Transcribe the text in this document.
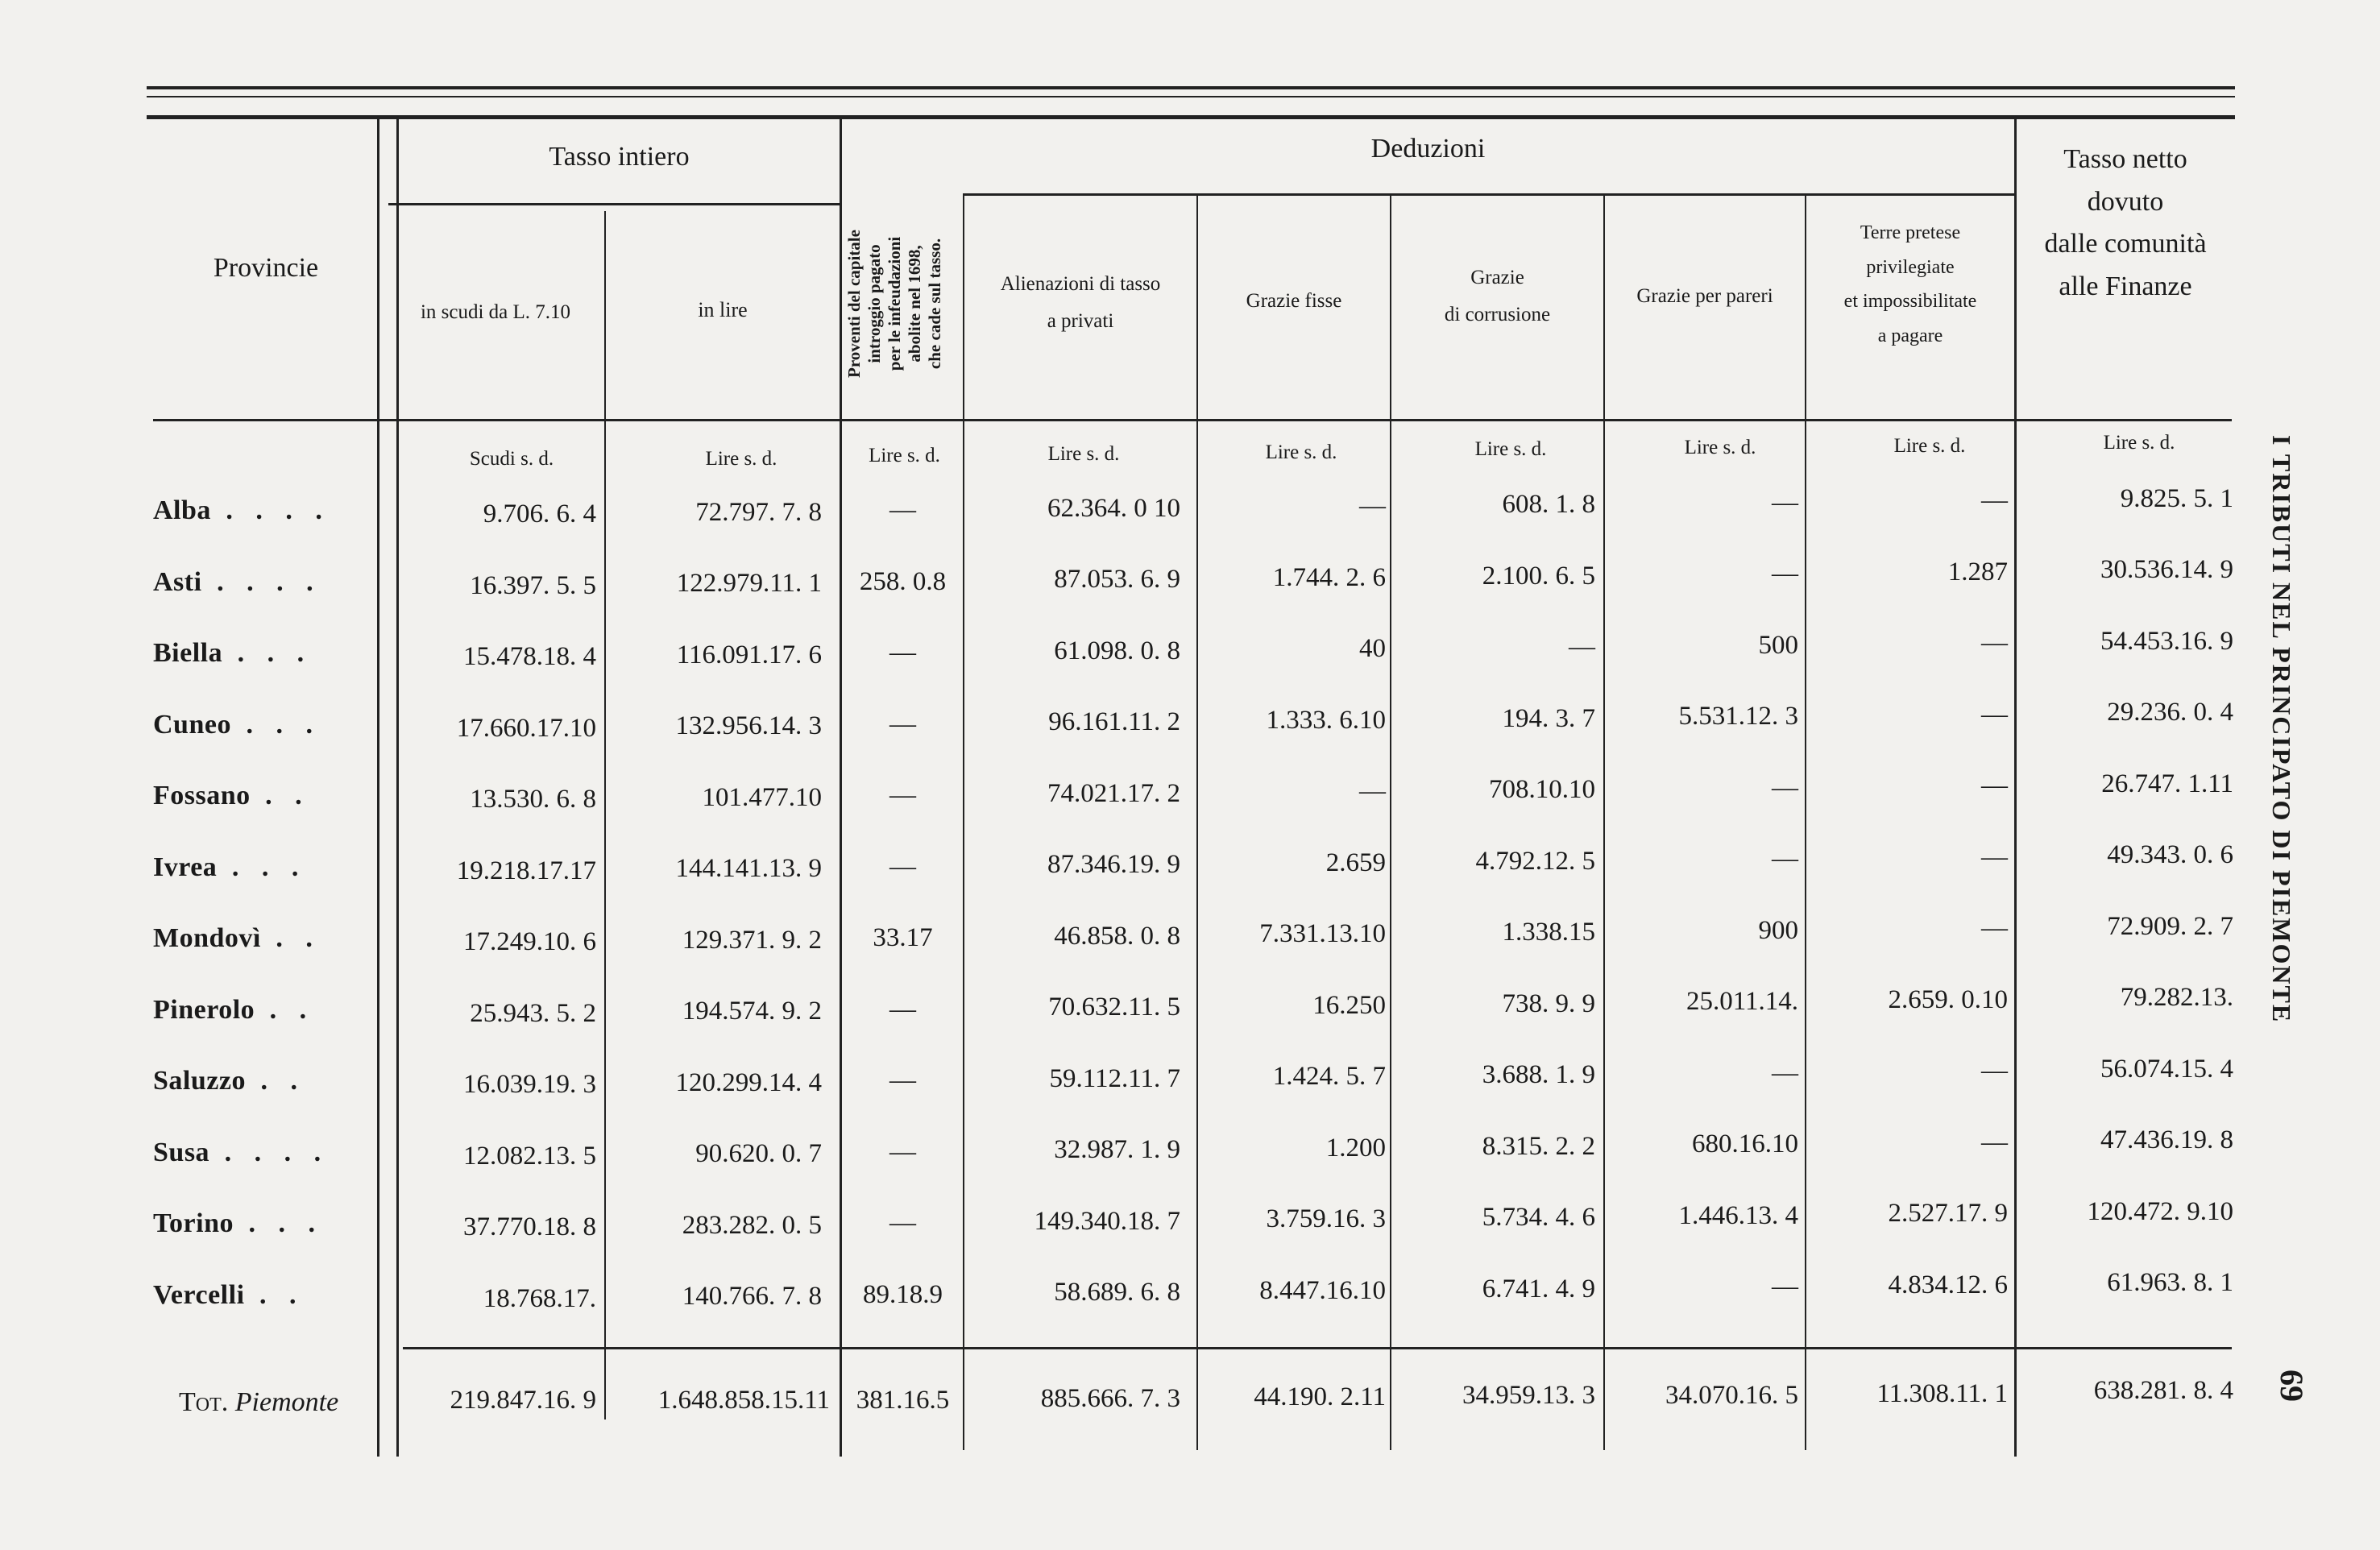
Provincie
Tasso intiero
in scudi da L. 7.10	in lire
Deduzioni
Proventi del capitale introggio pagato per le infeudazioni abolite nel 1698, che cade sul tasso.	Alienazioni di tasso
a privati
Grazie fisse
Grazie
di corrusione
Grazie per pareri
Terre pretese
privilegiate
et impossibilitate
a pagare
Tasso netto
dovuto
dalle comunità
alle Finanze
Scudi s. d.	Lire s. d.	Lire s. d.	Lire s. d.	Lire s. d.	Lire s. d.	Lire s. d.	Lire s. d.	Lire s. d.
Alba . . . .	9.706. 6. 4	72.797. 7. 8	—	62.364. 0 10	—	608. 1. 8	—	—	9.825. 5. 1
Asti . . . .	16.397. 5. 5	122.979.11. 1	258. 0.8	87.053. 6. 9	1.744. 2. 6	2.100. 6. 5	—	1.287	30.536.14. 9
Biella . . .	15.478.18. 4	116.091.17. 6	—	61.098. 0. 8	40	—	500	—	54.453.16. 9
Cuneo . . .	17.660.17.10	132.956.14. 3	—	96.161.11. 2	1.333. 6.10	194. 3. 7	5.531.12. 3	—	29.236. 0. 4
Fossano . .	13.530. 6. 8	101.477.10	—	74.021.17. 2	—	708.10.10	—	—	26.747. 1.11
Ivrea . . .	19.218.17.17	144.141.13. 9	—	87.346.19. 9	2.659	4.792.12. 5	—	—	49.343. 0. 6
Mondovì . .	17.249.10. 6	129.371. 9. 2	33.17	46.858. 0. 8	7.331.13.10	1.338.15	900	—	72.909. 2. 7
Pinerolo . .	25.943. 5. 2	194.574. 9. 2	—	70.632.11. 5	16.250	738. 9. 9	25.011.14.	2.659. 0.10	79.282.13.
Saluzzo . .	16.039.19. 3	120.299.14. 4	—	59.112.11. 7	1.424. 5. 7	3.688. 1. 9	—	—	56.074.15. 4
Susa . . . .	12.082.13. 5	90.620. 0. 7	—	32.987. 1. 9	1.200	8.315. 2. 2	680.16.10	—	47.436.19. 8
Torino . . .	37.770.18. 8	283.282. 0. 5	—	149.340.18. 7	3.759.16. 3	5.734. 4. 6	1.446.13. 4	2.527.17. 9	120.472. 9.10
Vercelli . .	18.768.17.	140.766. 7. 8	89.18.9	58.689. 6. 8	8.447.16.10	6.741. 4. 9	—	4.834.12. 6	61.963. 8. 1
Tot. Piemonte	219.847.16. 9	1.648.858.15.11 381.16.5	885.666. 7. 3	44.190. 2.11	34.959.13. 3	34.070.16. 5	11.308.11. 1	638.281. 8. 4
I TRIBUTI NEL PRINCIPATO DI PIEMONTE
69
